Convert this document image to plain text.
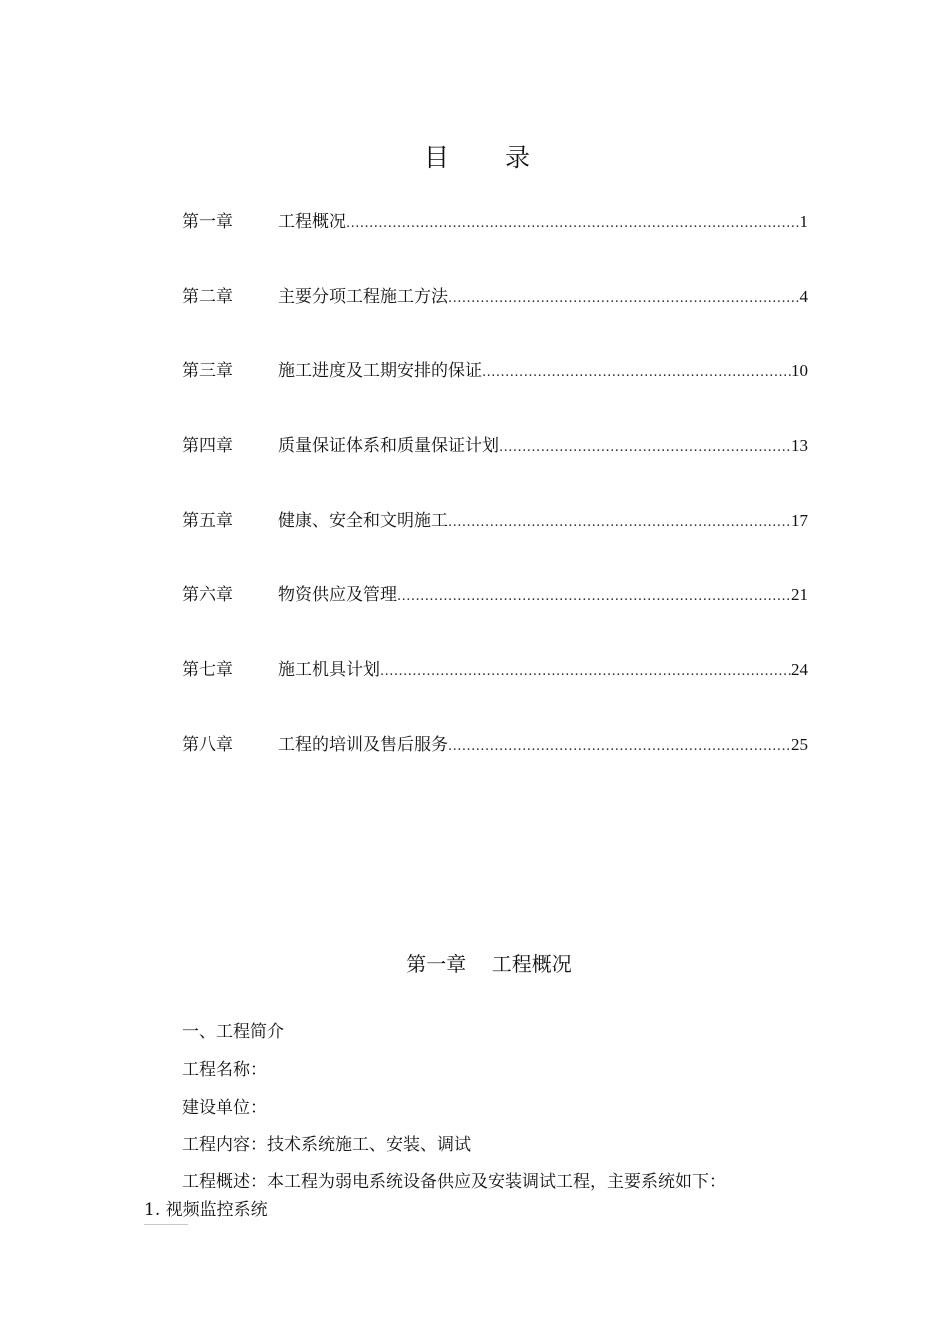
目 录
第一章	工程概况 .....	1
第二章	主要分项工程施工方法 .....	4
第三章	施工进度及工期安排的保证 .....	10
第四章	质量保证体系和质量保证计划 .....	13
第五章	健康、安全和文明施工 .....	17
第六章	物资供应及管理 .....	21
第七章	施工机具计划 .....	24
第八章	工程的培训及售后服务 .....	25
第一章    工程概况

一、工程简介

工程名称：

建设单位：

工程内容：技术系统施工、安装、调试

工程概述：本工程为弱电系统设备供应及安装调试工程，主要系统如下：

1. 视频监控系统
